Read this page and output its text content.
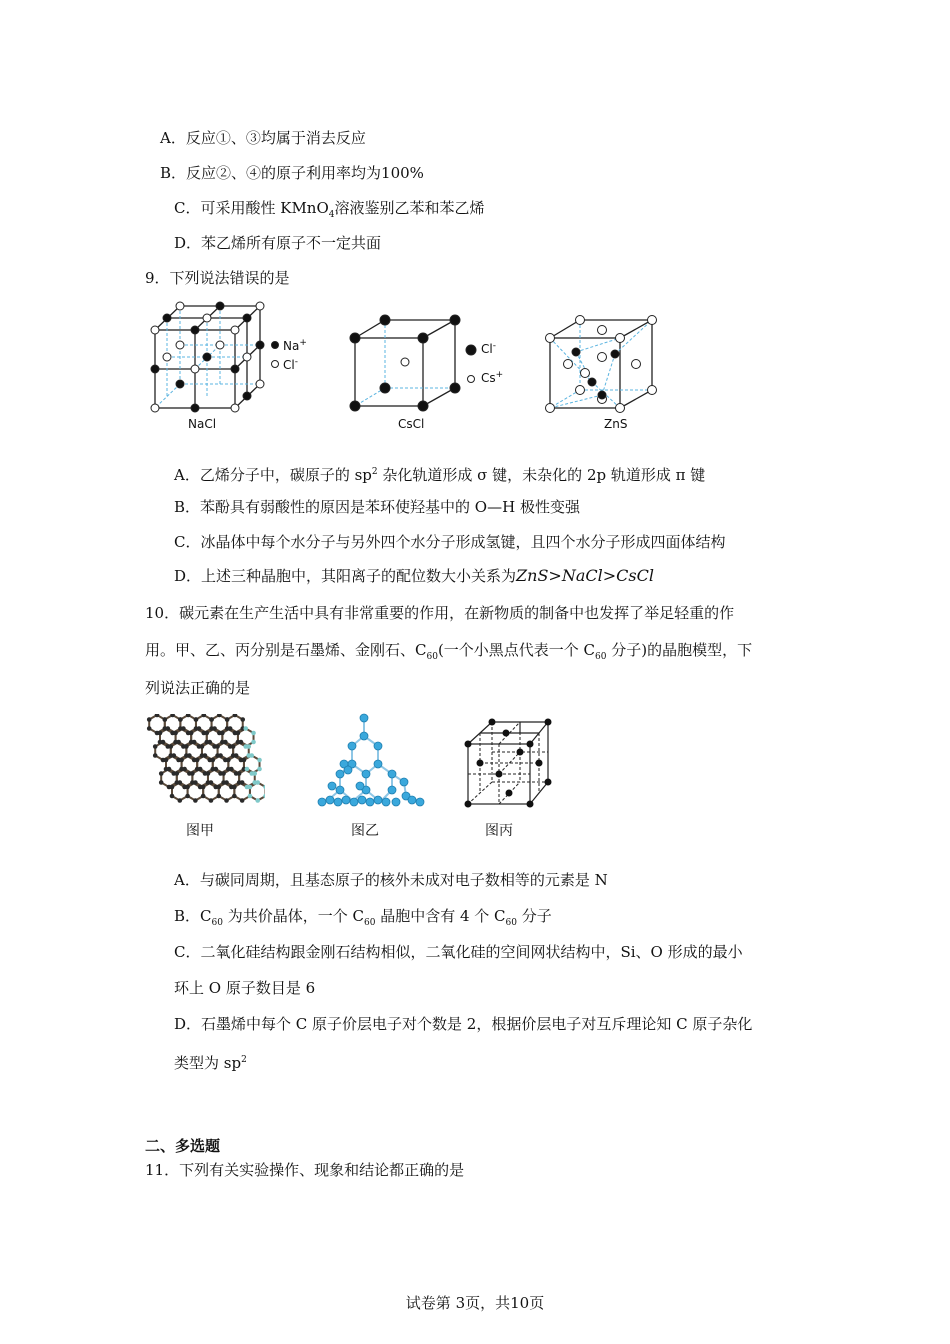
A．反应①、③均属于消去反应
B．反应②、④的原子利用率均为100%
C．可采用酸性 KMnO$_4$溶液鉴别乙苯和苯乙烯
D．苯乙烯所有原子不一定共面
9．下列说法错误的是
Na+
Cl-
NaCl
Cl-
Cs+
CsCl	ZnS
A．乙烯分子中，碳原子的 $sp^2$ 杂化轨道形成 σ 键，未杂化的 2p 轨道形成 π 键
B．苯酚具有弱酸性的原因是苯环使羟基中的 O—H 极性变强
C．冰晶体中每个水分子与另外四个水分子形成氢键，且四个水分子形成四面体结构
D．上述三种晶胞中，其阳离子的配位数大小关系为ZnS>NaCl>CsCl
10．碳元素在生产生活中具有非常重要的作用，在新物质的制备中也发挥了举足轻重的作
用。甲、乙、丙分别是石墨烯、金刚石、$C_{60}$(一个小黑点代表一个 $C_{60}$ 分子)的晶胞模型，下
列说法正确的是
图甲	图乙	图丙
A．与碳同周期，且基态原子的核外未成对电子数相等的元素是 N
B．$C_{60}$ 为共价晶体，一个 $C_{60}$ 晶胞中含有 4 个 $C_{60}$ 分子
C．二氧化硅结构跟金刚石结构相似，二氧化硅的空间网状结构中，Si、O 形成的最小
环上 O 原子数目是 6
D．石墨烯中每个 C 原子价层电子对个数是 2，根据价层电子对互斥理论知 C 原子杂化
类型为 $sp^2$
二、多选题
11．下列有关实验操作、现象和结论都正确的是
试卷第 3页，共10页
